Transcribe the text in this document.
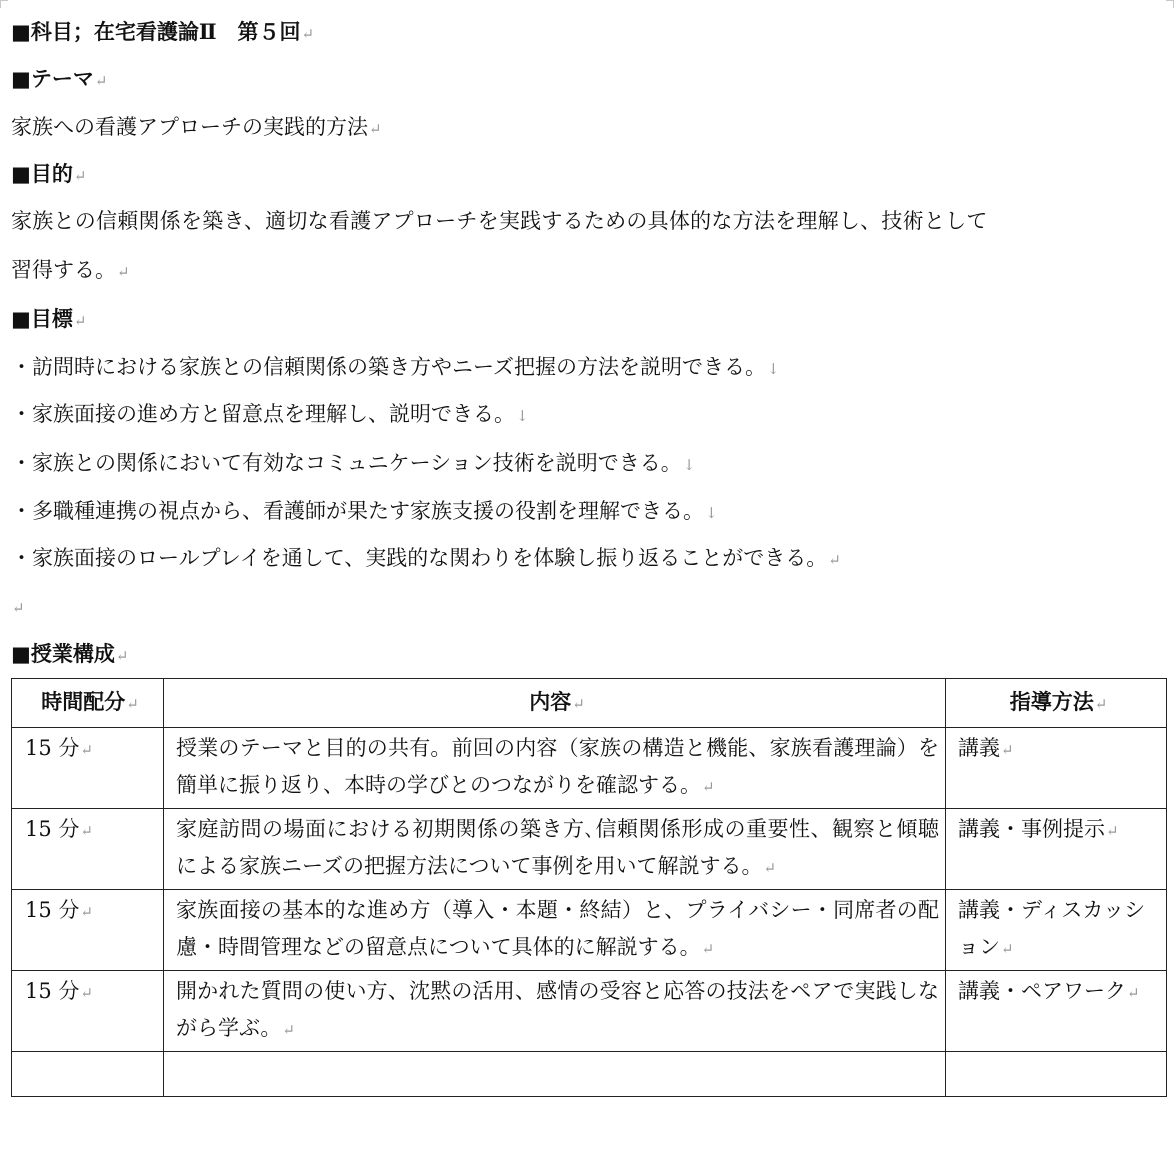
■科目；在宅看護論Ⅱ　第５回↵
■テーマ↵
家族への看護アプローチの実践的方法↵
■目的↵
家族との信頼関係を築き、適切な看護アプローチを実践するための具体的な方法を理解し、技術として
習得する。↵
■目標↵
・訪問時における家族との信頼関係の築き方やニーズ把握の方法を説明できる。↓
・家族面接の進め方と留意点を理解し、説明できる。↓
・家族との関係において有効なコミュニケーション技術を説明できる。↓
・多職種連携の視点から、看護師が果たす家族支援の役割を理解できる。↓
・家族面接のロールプレイを通して、実践的な関わりを体験し振り返ることができる。↵
↵
■授業構成↵
時間配分↵	内容↵	指導方法↵
15 分↵	授業のテーマと目的の共有。前回の内容（家族の構造と機能、家族看護理論）を簡単に振り返り、本時の学びとのつながりを確認する。↵	講義↵
15 分↵	家庭訪問の場面における初期関係の築き方､信頼関係形成の重要性、観察と傾聴による家族ニーズの把握方法について事例を用いて解説する。↵	講義・事例提示↵
15 分↵	家族面接の基本的な進め方（導入・本題・終結）と、プライバシー・同席者の配慮・時間管理などの留意点について具体的に解説する。↵	講義・ディスカッション↵
15 分↵	開かれた質問の使い方、沈黙の活用、感情の受容と応答の技法をペアで実践しながら学ぶ。↵	講義・ペアワーク↵
